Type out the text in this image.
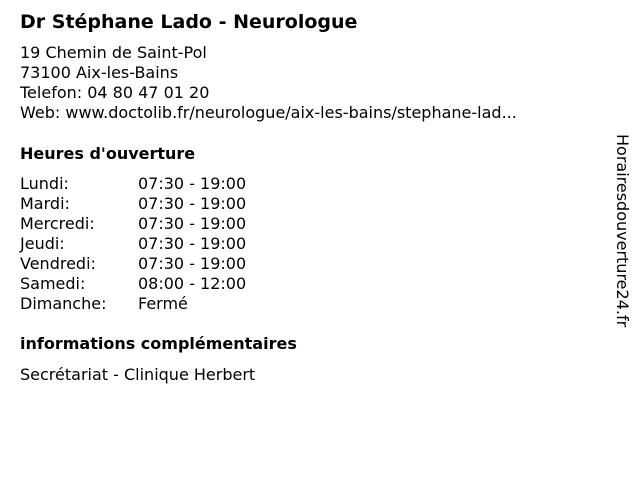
Dr Stéphane Lado - Neurologue
19 Chemin de Saint-Pol
73100 Aix-les-Bains
Telefon: 04 80 47 01 20
Web: www.doctolib.fr/neurologue/aix-les-bains/stephane-lad...
Heures d'ouverture
Lundi:	07:30 - 19:00
Mardi:	07:30 - 19:00
Mercredi:	07:30 - 19:00
Jeudi:	07:30 - 19:00
Vendredi:	07:30 - 19:00
Samedi:	08:00 - 12:00
Dimanche:	Fermé
informations complémentaires
Secrétariat - Clinique Herbert
Horairesdouverture24.fr
